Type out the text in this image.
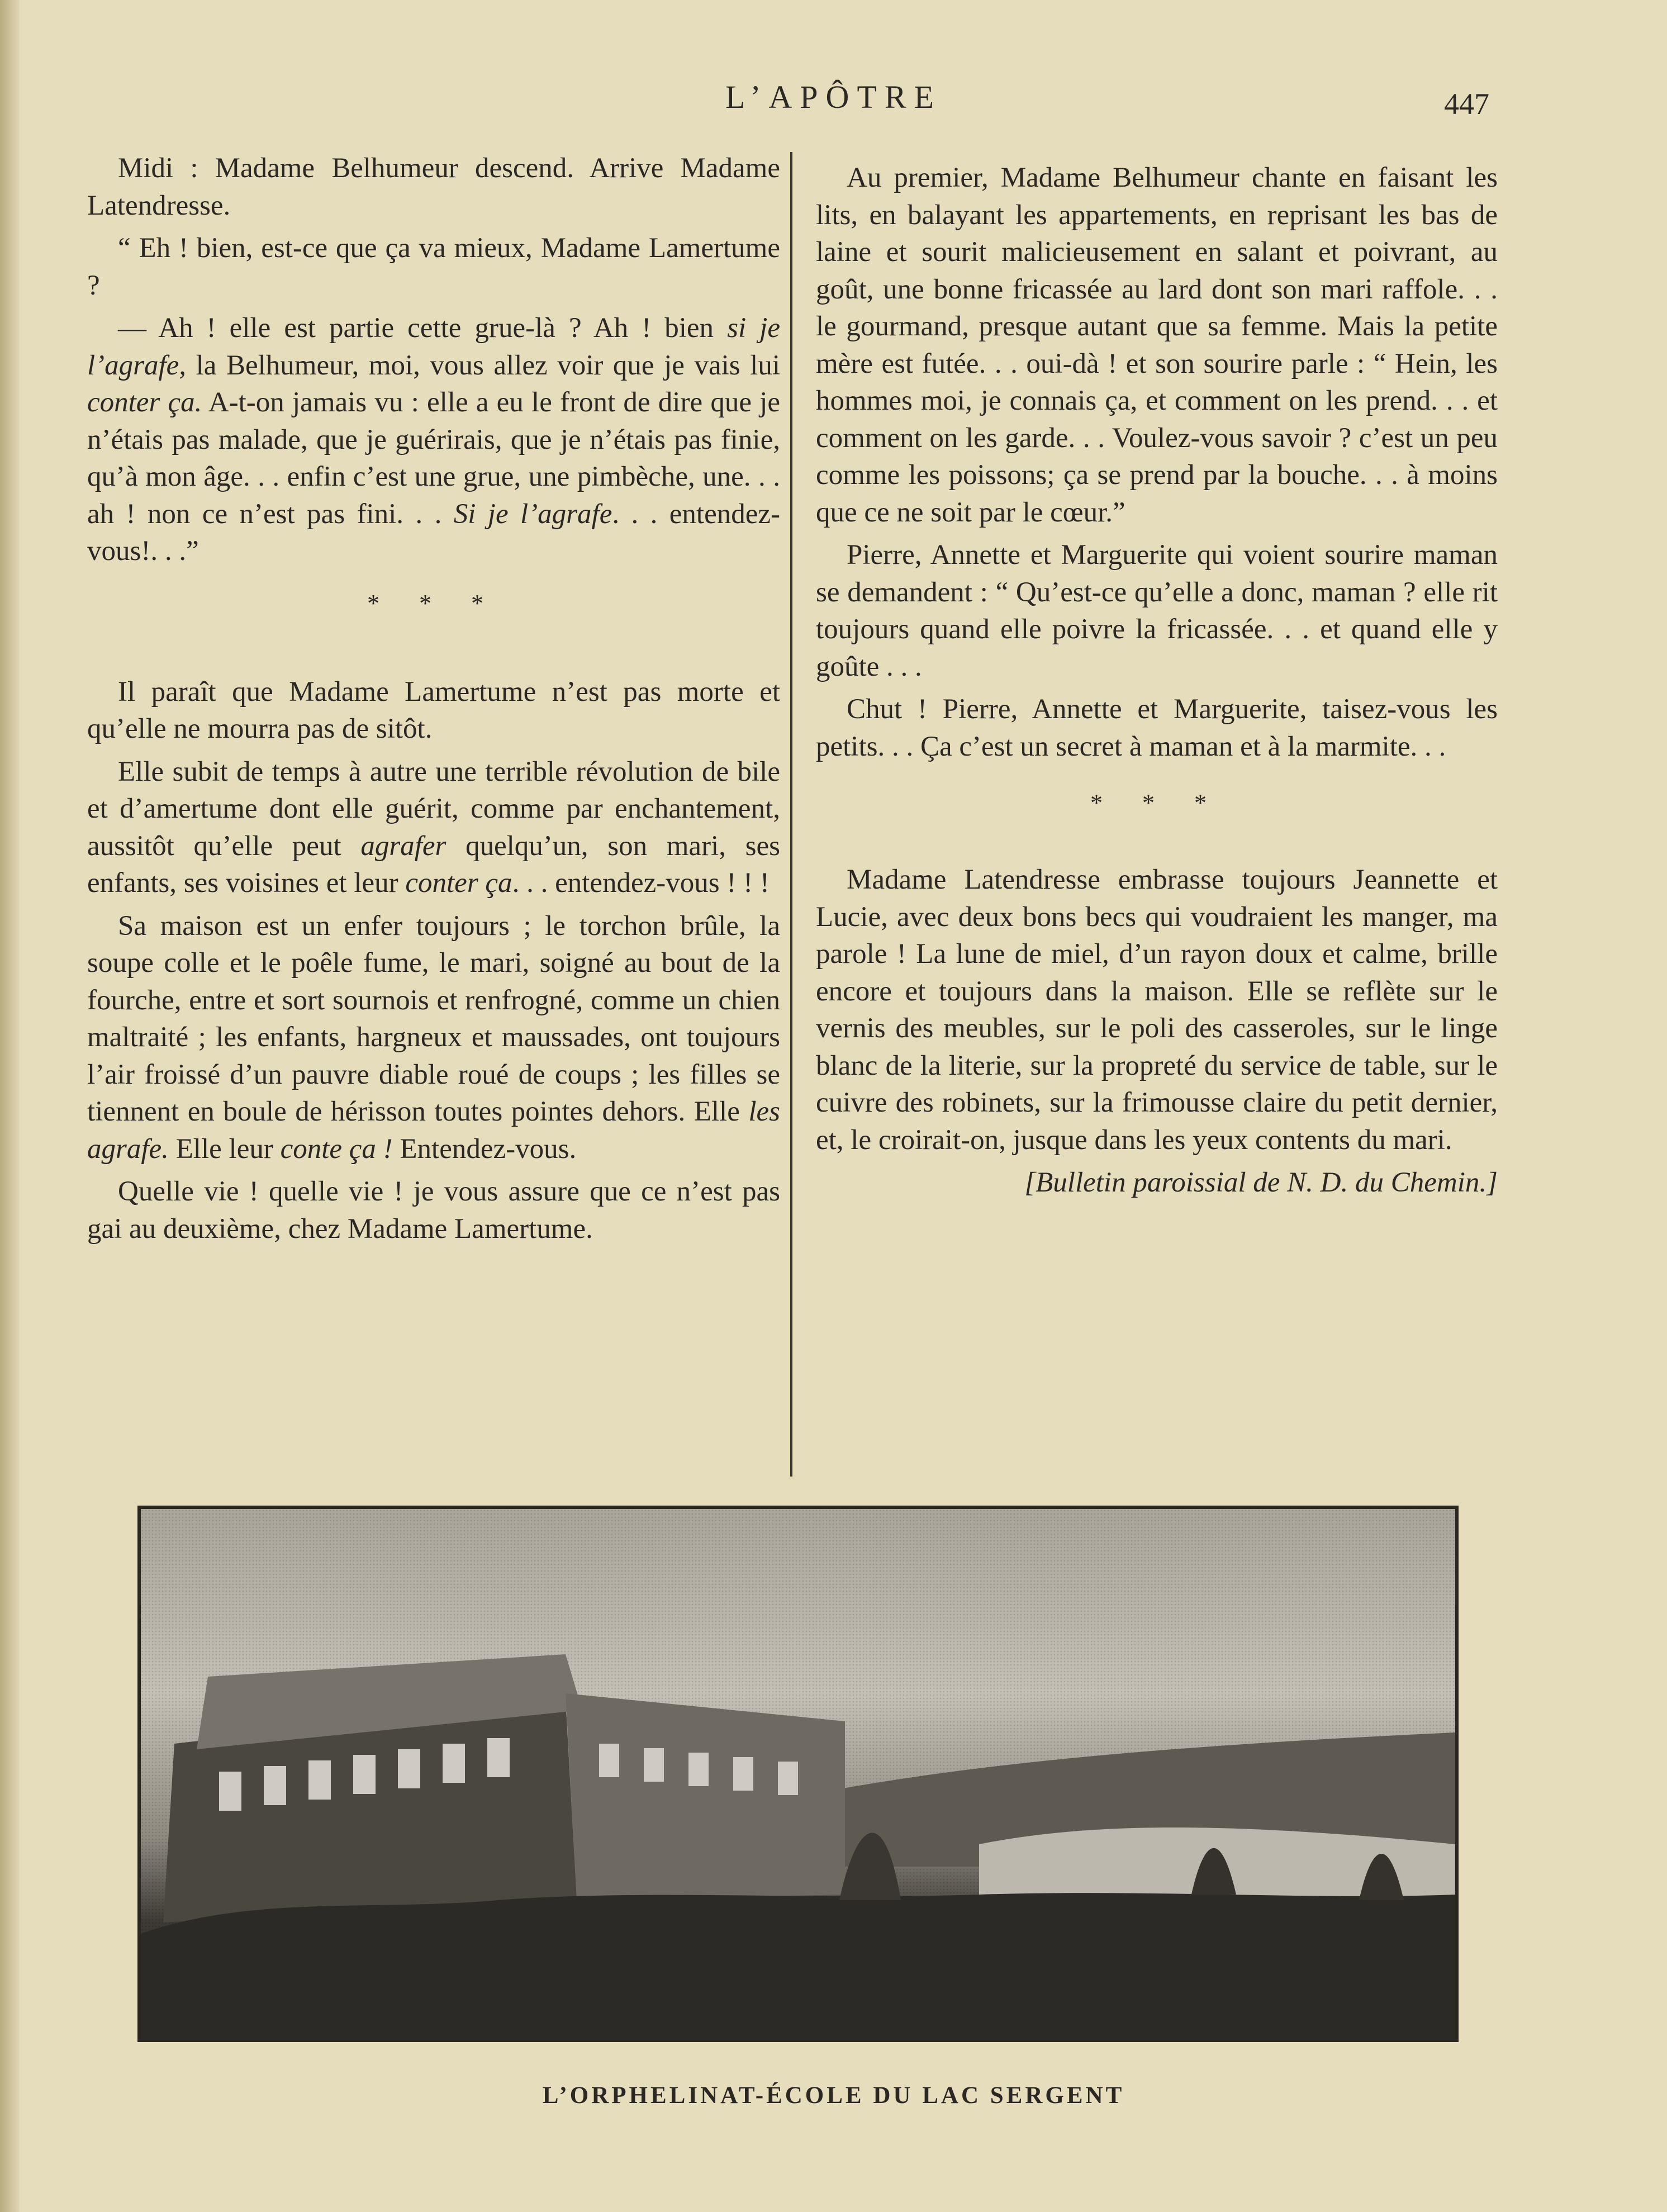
L’APÔTRE	447

Midi : Madame Belhumeur descend. Arrive Madame Latendresse.

“ Eh ! bien, est-ce que ça va mieux, Madame Lamertume ?

— Ah ! elle est partie cette grue-là ? Ah ! bien si je l’agrafe, la Belhumeur, moi, vous allez voir que je vais lui conter ça. A-t-on jamais vu : elle a eu le front de dire que je n’étais pas malade, que je guérirais, que je n’étais pas finie, qu’à mon âge. . . enfin c’est une grue, une pimbèche, une. . . ah ! non ce n’est pas fini. . . Si je l’agrafe. . . entendez-vous!. . .”

* * *

Il paraît que Madame Lamertume n’est pas morte et qu’elle ne mourra pas de sitôt.

Elle subit de temps à autre une terrible révolution de bile et d’amertume dont elle guérit, comme par enchantement, aussitôt qu’elle peut agrafer quelqu’un, son mari, ses enfants, ses voisines et leur conter ça. . . entendez-vous ! ! !

Sa maison est un enfer toujours ; le torchon brûle, la soupe colle et le poêle fume, le mari, soigné au bout de la fourche, entre et sort sournois et renfrogné, comme un chien maltraité ; les enfants, hargneux et maussades, ont toujours l’air froissé d’un pauvre diable roué de coups ; les filles se tiennent en boule de hérisson toutes pointes dehors. Elle les agrafe. Elle leur conte ça ! Entendez-vous.

Quelle vie ! quelle vie ! je vous assure que ce n’est pas gai au deuxième, chez Madame Lamertume.

Au premier, Madame Belhumeur chante en faisant les lits, en balayant les appartements, en reprisant les bas de laine et sourit malicieusement en salant et poivrant, au goût, une bonne fricassée au lard dont son mari raffole. . . le gourmand, presque autant que sa femme. Mais la petite mère est futée. . . oui-dà ! et son sourire parle : “ Hein, les hommes moi, je connais ça, et comment on les prend. . . et comment on les garde. . . Voulez-vous savoir ? c’est un peu comme les poissons; ça se prend par la bouche. . . à moins que ce ne soit par le cœur.”

Pierre, Annette et Marguerite qui voient sourire maman se demandent : “ Qu’est-ce qu’elle a donc, maman ? elle rit toujours quand elle poivre la fricassée. . . et quand elle y goûte . . .

Chut ! Pierre, Annette et Marguerite, taisez-vous les petits. . . Ça c’est un secret à maman et à la marmite. . .

* * *

Madame Latendresse embrasse toujours Jeannette et Lucie, avec deux bons becs qui voudraient les manger, ma parole ! La lune de miel, d’un rayon doux et calme, brille encore et toujours dans la maison. Elle se reflète sur le vernis des meubles, sur le poli des casseroles, sur le linge blanc de la literie, sur la propreté du service de table, sur le cuivre des robinets, sur la frimousse claire du petit dernier, et, le croirait-on, jusque dans les yeux contents du mari.

[Bulletin paroissial de N. D. du Chemin.]

L’ORPHELINAT-ÉCOLE DU LAC SERGENT
